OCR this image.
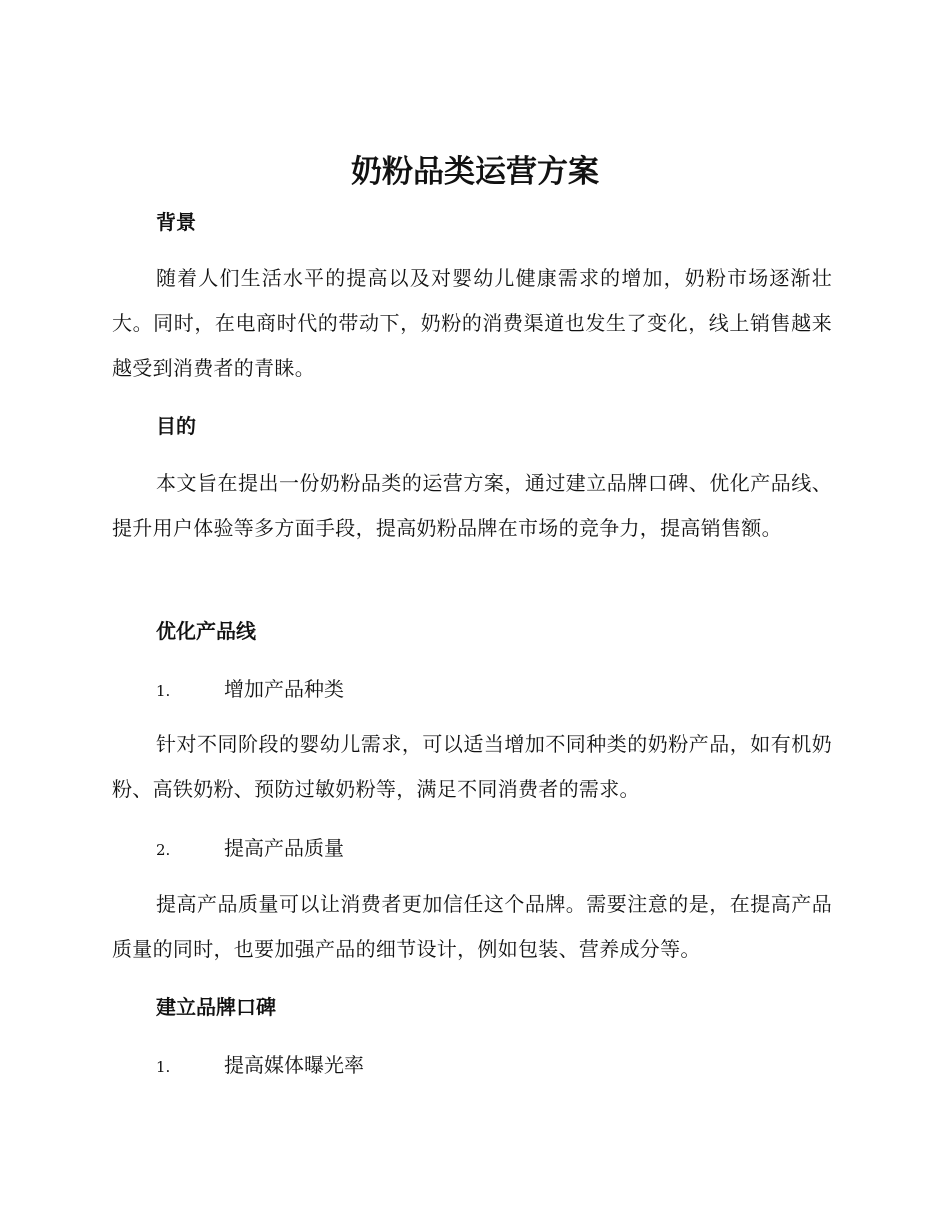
奶粉品类运营方案
背景

随着人们生活水平的提高以及对婴幼儿健康需求的增加，奶粉市场逐渐壮大。同时，在电商时代的带动下，奶粉的消费渠道也发生了变化，线上销售越来越受到消费者的青睐。

目的

本文旨在提出一份奶粉品类的运营方案，通过建立品牌口碑、优化产品线、提升用户体验等多方面手段，提高奶粉品牌在市场的竞争力，提高销售额。

优化产品线
1.	增加产品种类

针对不同阶段的婴幼儿需求，可以适当增加不同种类的奶粉产品，如有机奶粉、高铁奶粉、预防过敏奶粉等，满足不同消费者的需求。

2.	提高产品质量

提高产品质量可以让消费者更加信任这个品牌。需要注意的是，在提高产品质量的同时，也要加强产品的细节设计，例如包装、营养成分等。

建立品牌口碑
1.	提高媒体曝光率
